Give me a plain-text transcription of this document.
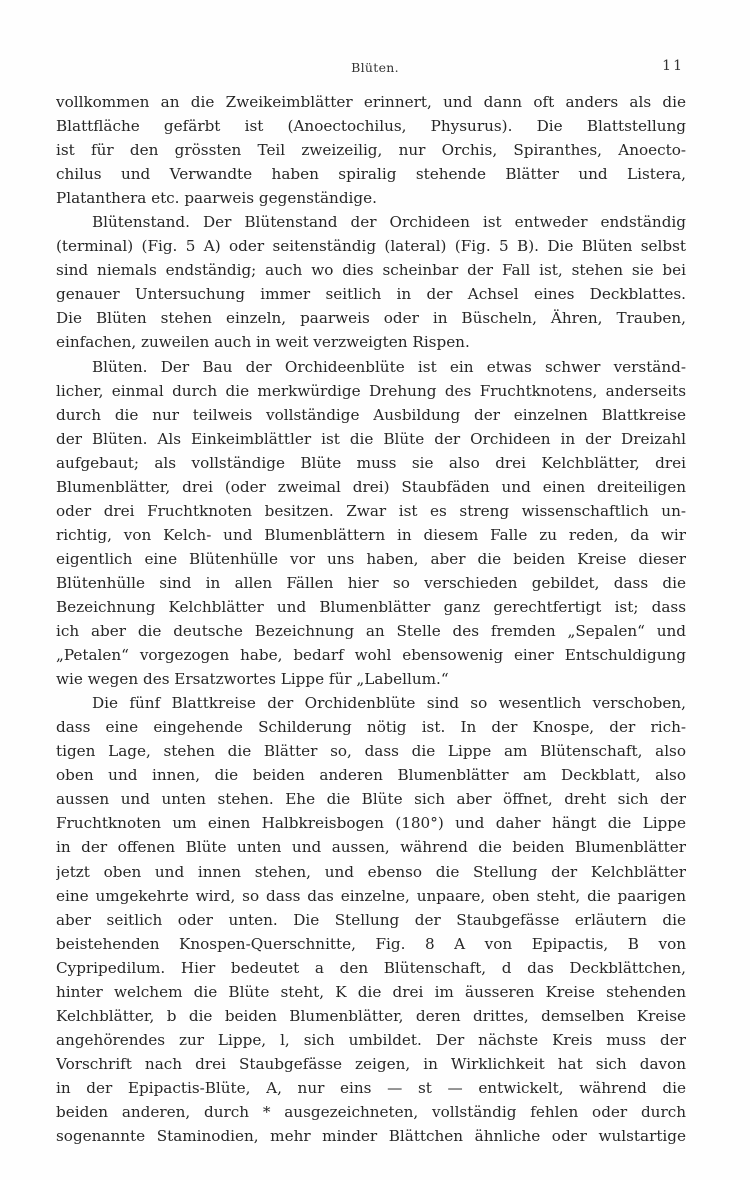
Blüten.	11
vollkommen an die Zweikeimblätter erinnert, und dann oft anders als die
Blattfläche gefärbt ist (Anoectochilus, Physurus). Die Blattstellung
ist für den grössten Teil zweizeilig, nur Orchis, Spiranthes, Anoecto-
chilus und Verwandte haben spiralig stehende Blätter und Listera,
Platanthera etc. paarweis gegenständige.
Blütenstand. Der Blütenstand der Orchideen ist entweder endständig
(terminal) (Fig. 5 A) oder seitenständig (lateral) (Fig. 5 B). Die Blüten selbst
sind niemals endständig; auch wo dies scheinbar der Fall ist, stehen sie bei
genauer Untersuchung immer seitlich in der Achsel eines Deckblattes.
Die Blüten stehen einzeln, paarweis oder in Büscheln, Ähren, Trauben,
einfachen, zuweilen auch in weit verzweigten Rispen.
Blüten. Der Bau der Orchideenblüte ist ein etwas schwer verständ-
licher, einmal durch die merkwürdige Drehung des Fruchtknotens, anderseits
durch die nur teilweis vollständige Ausbildung der einzelnen Blattkreise
der Blüten. Als Einkeimblättler ist die Blüte der Orchideen in der Dreizahl
aufgebaut; als vollständige Blüte muss sie also drei Kelchblätter, drei
Blumenblätter, drei (oder zweimal drei) Staubfäden und einen dreiteiligen
oder drei Fruchtknoten besitzen. Zwar ist es streng wissenschaftlich un-
richtig, von Kelch- und Blumenblättern in diesem Falle zu reden, da wir
eigentlich eine Blütenhülle vor uns haben, aber die beiden Kreise dieser
Blütenhülle sind in allen Fällen hier so verschieden gebildet, dass die
Bezeichnung Kelchblätter und Blumenblätter ganz gerechtfertigt ist; dass
ich aber die deutsche Bezeichnung an Stelle des fremden „Sepalen“ und
„Petalen“ vorgezogen habe, bedarf wohl ebensowenig einer Entschuldigung
wie wegen des Ersatzwortes Lippe für „Labellum.“
Die fünf Blattkreise der Orchidenblüte sind so wesentlich verschoben,
dass eine eingehende Schilderung nötig ist. In der Knospe, der rich-
tigen Lage, stehen die Blätter so, dass die Lippe am Blütenschaft, also
oben und innen, die beiden anderen Blumenblätter am Deckblatt, also
aussen und unten stehen. Ehe die Blüte sich aber öffnet, dreht sich der
Fruchtknoten um einen Halbkreisbogen (180°) und daher hängt die Lippe
in der offenen Blüte unten und aussen, während die beiden Blumenblätter
jetzt oben und innen stehen, und ebenso die Stellung der Kelchblätter
eine umgekehrte wird, so dass das einzelne, unpaare, oben steht, die paarigen
aber seitlich oder unten. Die Stellung der Staubgefässe erläutern die
beistehenden Knospen-Querschnitte, Fig. 8 A von Epipactis, B von
Cypripedilum. Hier bedeutet a den Blütenschaft, d das Deckblättchen,
hinter welchem die Blüte steht, K die drei im äusseren Kreise stehenden
Kelchblätter, b die beiden Blumenblätter, deren drittes, demselben Kreise
angehörendes zur Lippe, l, sich umbildet. Der nächste Kreis muss der
Vorschrift nach drei Staubgefässe zeigen, in Wirklichkeit hat sich davon
in der Epipactis-Blüte, A, nur eins — st — entwickelt, während die
beiden anderen, durch * ausgezeichneten, vollständig fehlen oder durch
sogenannte Staminodien, mehr minder Blättchen ähnliche oder wulstartige
